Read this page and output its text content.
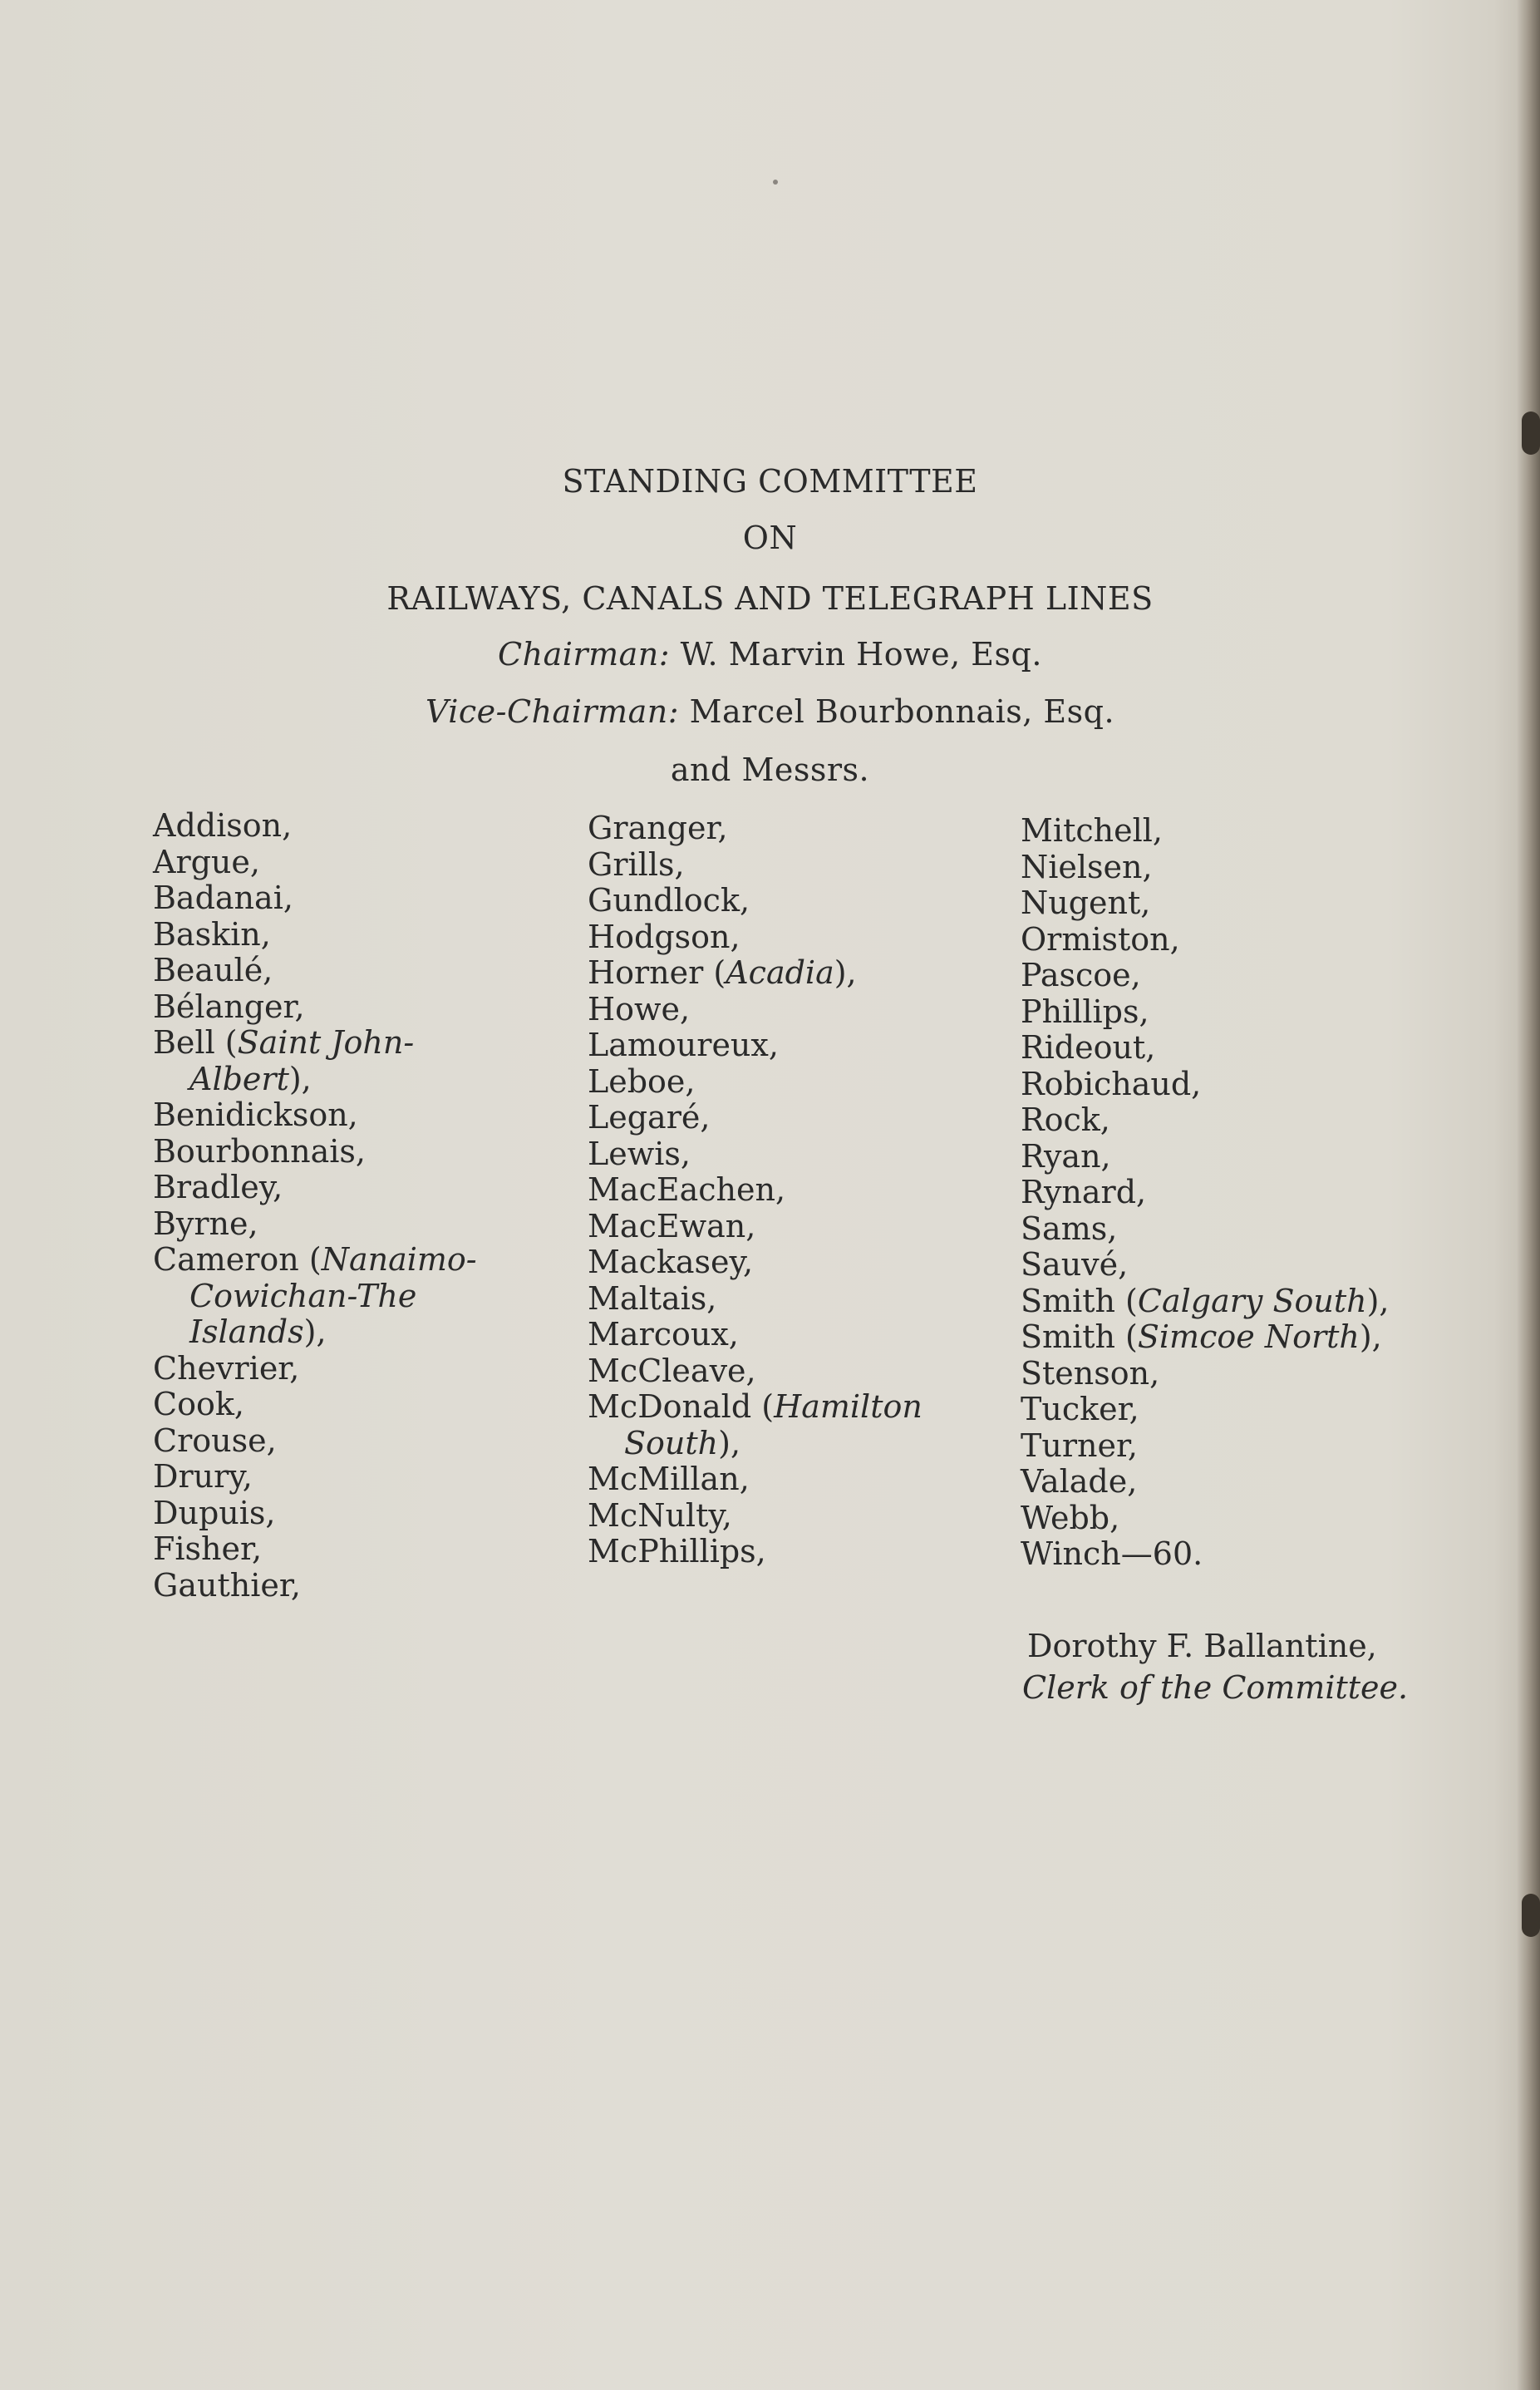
STANDING COMMITTEE
ON
RAILWAYS, CANALS AND TELEGRAPH LINES
Chairman: W. Marvin Howe, Esq.
Vice-Chairman: Marcel Bourbonnais, Esq.
and Messrs.
Addison,
Argue,
Badanai,
Baskin,
Beaulé,
Bélanger,
Bell (Saint John-
Albert),
Benidickson,
Bourbonnais,
Bradley,
Byrne,
Cameron (Nanaimo-
Cowichan-The
Islands),
Chevrier,
Cook,
Crouse,
Drury,
Dupuis,
Fisher,
Gauthier,
Granger,
Grills,
Gundlock,
Hodgson,
Horner (Acadia),
Howe,
Lamoureux,
Leboe,
Legaré,
Lewis,
MacEachen,
MacEwan,
Mackasey,
Maltais,
Marcoux,
McCleave,
McDonald (Hamilton
South),
McMillan,
McNulty,
McPhillips,
Mitchell,
Nielsen,
Nugent,
Ormiston,
Pascoe,
Phillips,
Rideout,
Robichaud,
Rock,
Ryan,
Rynard,
Sams,
Sauvé,
Smith (Calgary South),
Smith (Simcoe North),
Stenson,
Tucker,
Turner,
Valade,
Webb,
Winch—60.
Dorothy F. Ballantine,
Clerk of the Committee.
